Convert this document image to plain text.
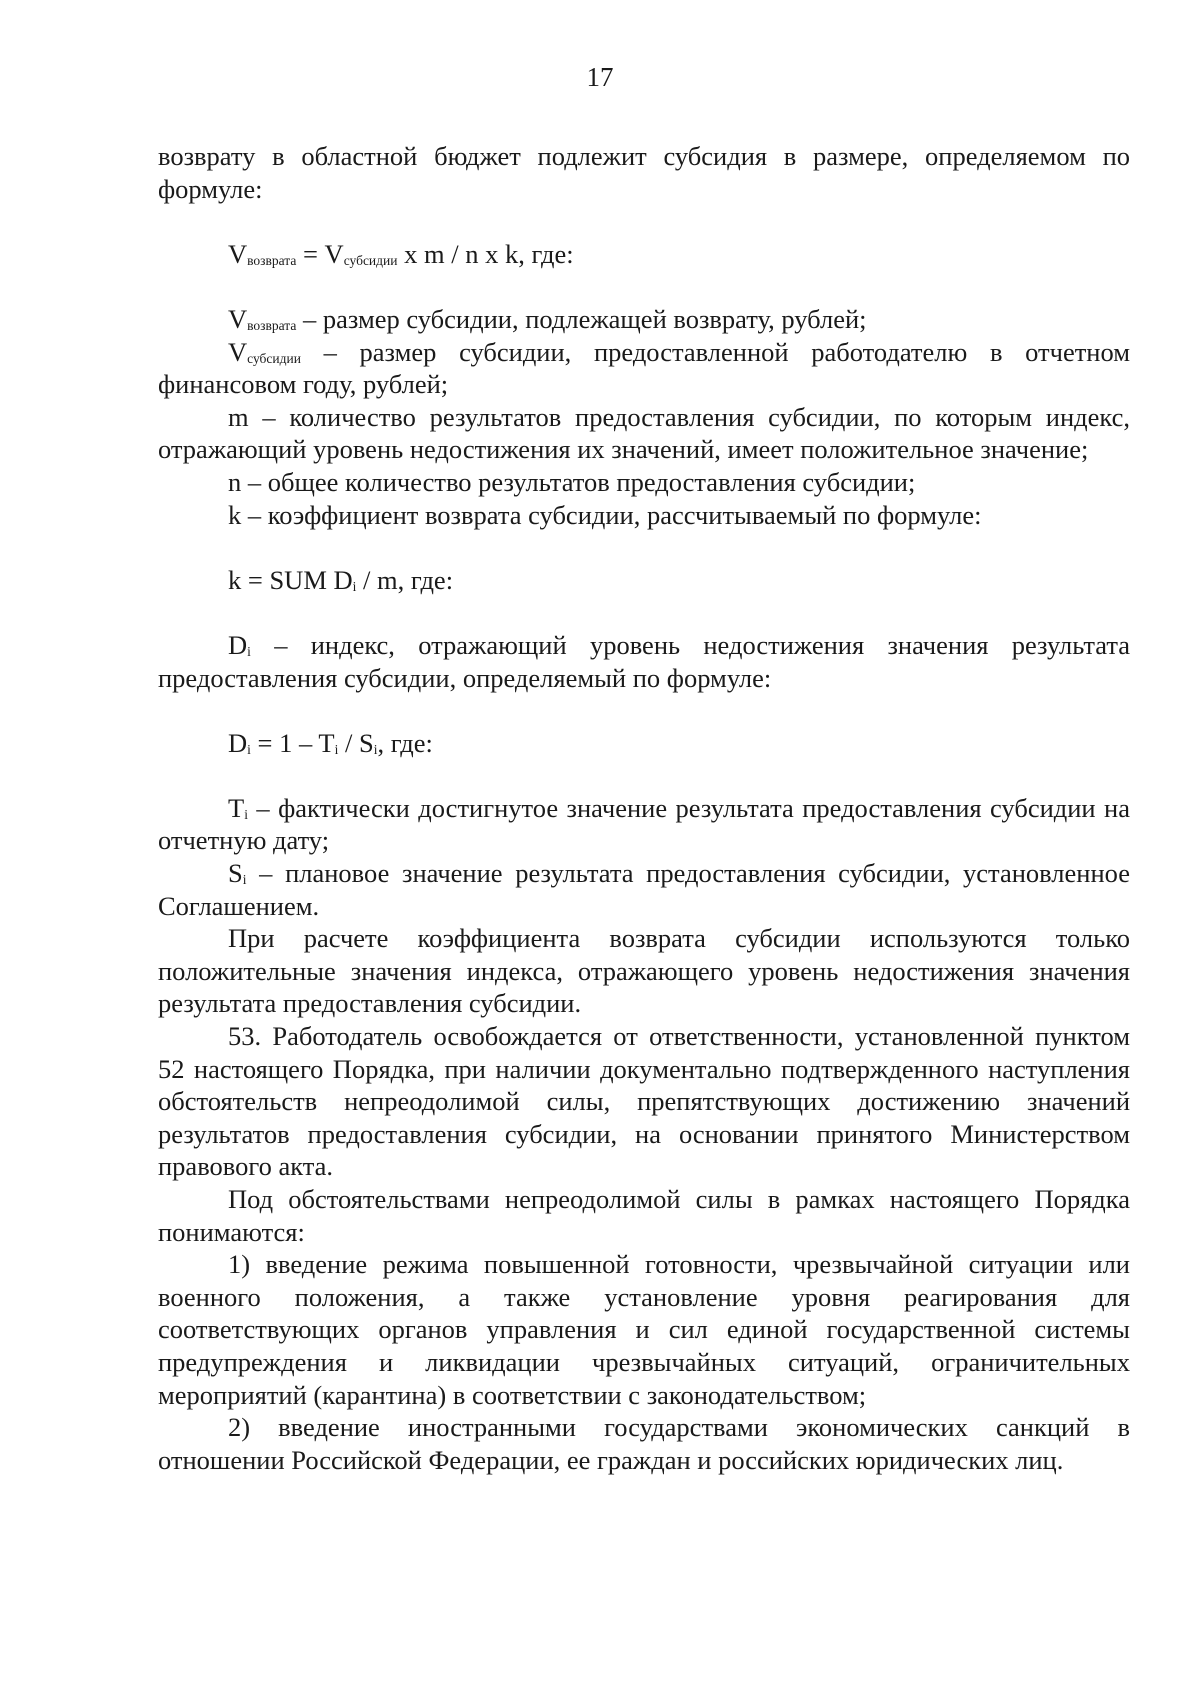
17

возврату в областной бюджет подлежит субсидия в размере, определяемом по формуле:

Vвозврата = Vсубсидии x m / n x k, где:

Vвозврата – размер субсидии, подлежащей возврату, рублей;

Vсубсидии – размер субсидии, предоставленной работодателю в отчетном финансовом году, рублей;

m – количество результатов предоставления субсидии, по которым индекс, отражающий уровень недостижения их значений, имеет положительное значение;

n – общее количество результатов предоставления субсидии;

k – коэффициент возврата субсидии, рассчитываемый по формуле:

k = SUM Di / m, где:

Di – индекс, отражающий уровень недостижения значения результата предоставления субсидии, определяемый по формуле:

Di = 1 – Ti / Si, где:

Ti – фактически достигнутое значение результата предоставления субсидии на отчетную дату;

Si – плановое значение результата предоставления субсидии, установленное Соглашением.

При расчете коэффициента возврата субсидии используются только положительные значения индекса, отражающего уровень недостижения значения результата предоставления субсидии.

53. Работодатель освобождается от ответственности, установленной пунктом 52 настоящего Порядка, при наличии документально подтвержденного наступления обстоятельств непреодолимой силы, препятствующих достижению значений результатов предоставления субсидии, на основании принятого Министерством правового акта.

Под обстоятельствами непреодолимой силы в рамках настоящего Порядка понимаются:

1) введение режима повышенной готовности, чрезвычайной ситуации или военного положения, а также установление уровня реагирования для соответствующих органов управления и сил единой государственной системы предупреждения и ликвидации чрезвычайных ситуаций, ограничительных мероприятий (карантина) в соответствии с законодательством;

2) введение иностранными государствами экономических санкций в отношении Российской Федерации, ее граждан и российских юридических лиц.
